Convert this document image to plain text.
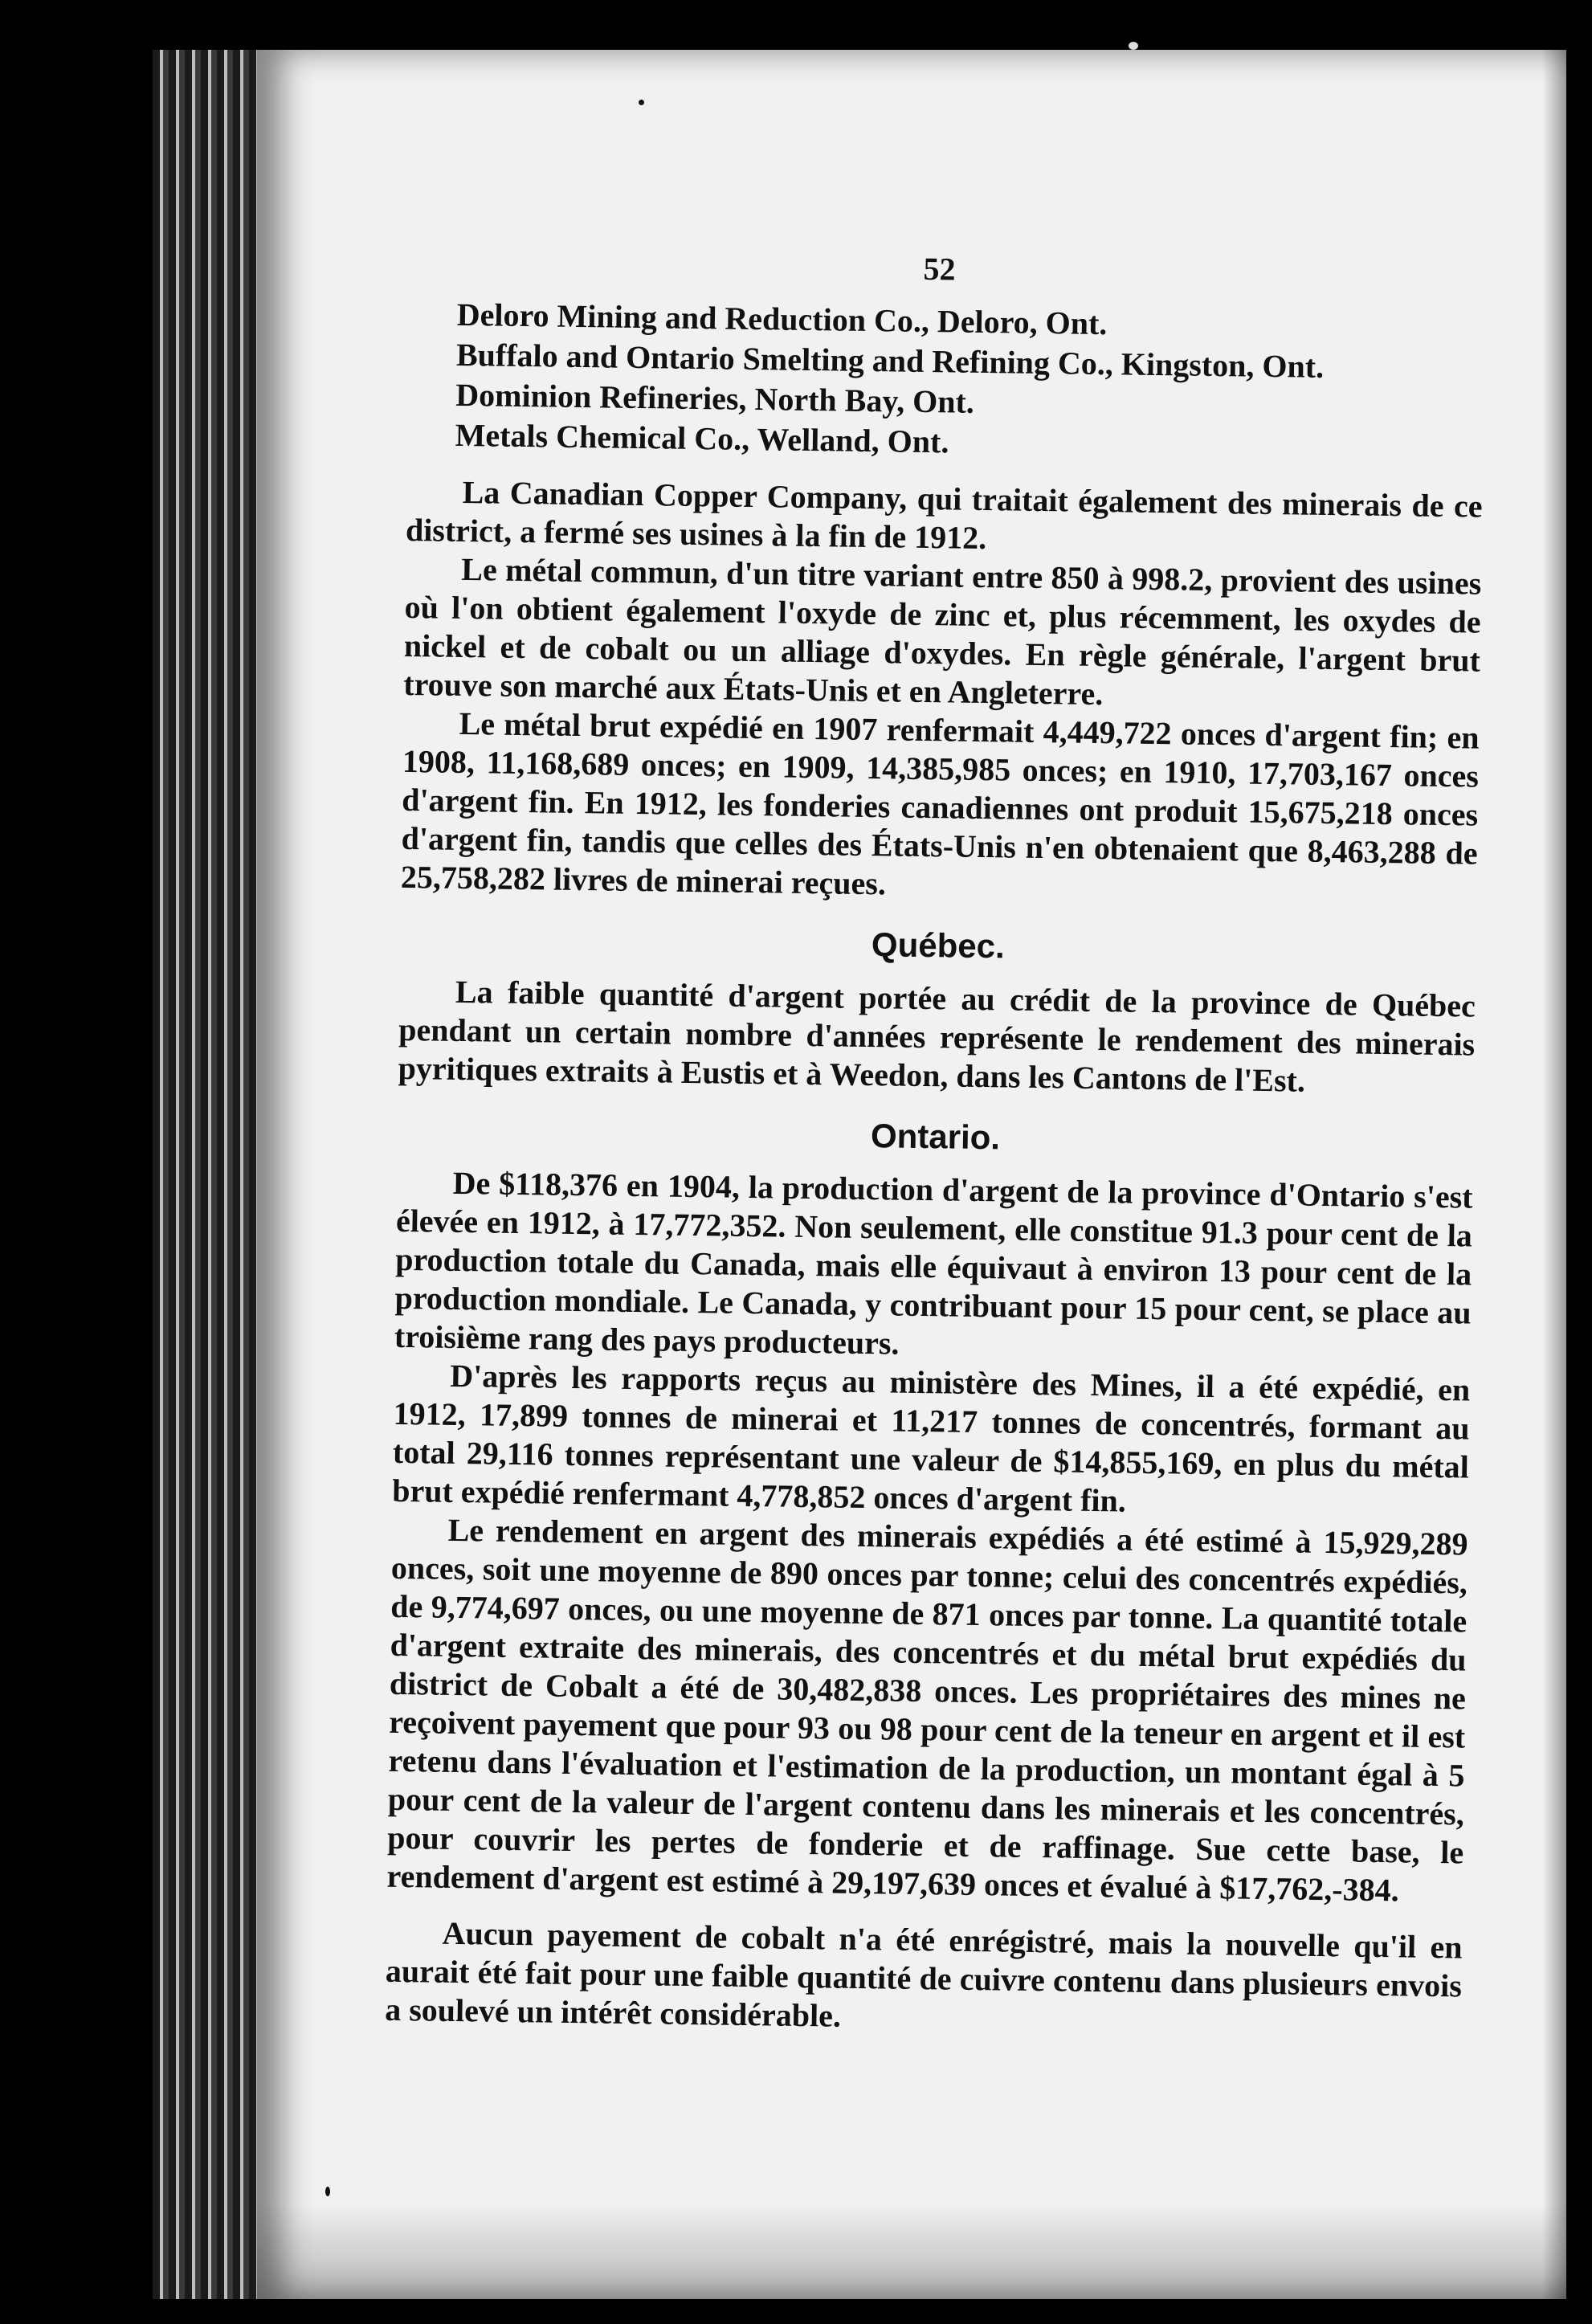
52
Deloro Mining and Reduction Co., Deloro, Ont.
Buffalo and Ontario Smelting and Refining Co., Kingston, Ont.
Dominion Refineries, North Bay, Ont.
Metals Chemical Co., Welland, Ont.

La Canadian Copper Company, qui traitait également des minerais de ce district, a fermé ses usines à la fin de 1912.

Le métal commun, d'un titre variant entre 850 à 998.2, provient des usines où l'on obtient également l'oxyde de zinc et, plus récemment, les oxydes de nickel et de cobalt ou un alliage d'oxydes. En règle générale, l'argent brut trouve son marché aux États-Unis et en Angleterre.

Le métal brut expédié en 1907 renfermait 4,449,722 onces d'argent fin; en 1908, 11,168,689 onces; en 1909, 14,385,985 onces; en 1910, 17,703,167 onces d'argent fin. En 1912, les fonderies canadiennes ont produit 15,675,218 onces d'argent fin, tandis que celles des États-Unis n'en obtenaient que 8,463,288 de 25,758,282 livres de minerai reçues.

Québec.

La faible quantité d'argent portée au crédit de la province de Québec pendant un certain nombre d'années représente le rendement des minerais pyritiques extraits à Eustis et à Weedon, dans les Cantons de l'Est.

Ontario.

De $118,376 en 1904, la production d'argent de la province d'Ontario s'est élevée en 1912, à 17,772,352. Non seulement, elle constitue 91.3 pour cent de la production totale du Canada, mais elle équivaut à environ 13 pour cent de la production mondiale. Le Canada, y contribuant pour 15 pour cent, se place au troisième rang des pays producteurs.

D'après les rapports reçus au ministère des Mines, il a été expédié, en 1912, 17,899 tonnes de minerai et 11,217 tonnes de concentrés, formant au total 29,116 tonnes représentant une valeur de $14,855,169, en plus du métal brut expédié renfermant 4,778,852 onces d'argent fin.

Le rendement en argent des minerais expédiés a été estimé à 15,929,289 onces, soit une moyenne de 890 onces par tonne; celui des concentrés expédiés, de 9,774,697 onces, ou une moyenne de 871 onces par tonne. La quantité totale d'argent extraite des minerais, des concentrés et du métal brut expédiés du district de Cobalt a été de 30,482,838 onces. Les propriétaires des mines ne reçoivent payement que pour 93 ou 98 pour cent de la teneur en argent et il est retenu dans l'évaluation et l'estimation de la production, un montant égal à 5 pour cent de la valeur de l'argent contenu dans les minerais et les concentrés, pour couvrir les pertes de fonderie et de raffinage. Sue cette base, le rendement d'argent est estimé à 29,197,639 onces et évalué à $17,762,-384.

Aucun payement de cobalt n'a été enrégistré, mais la nouvelle qu'il en aurait été fait pour une faible quantité de cuivre contenu dans plusieurs envois a soulevé un intérêt considérable.
